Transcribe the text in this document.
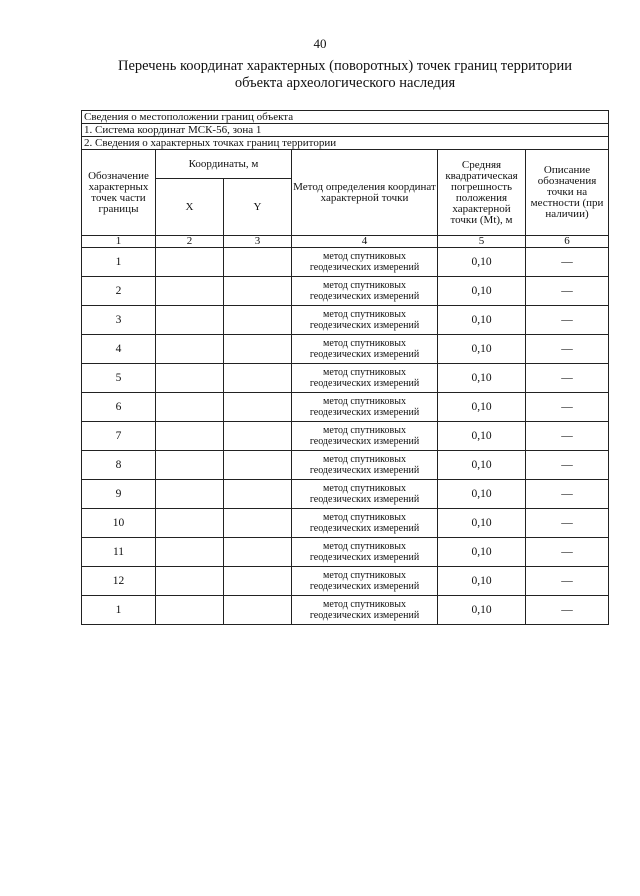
40
Перечень координат характерных (поворотных) точек границ территории
объекта археологического наследия
Сведения о местоположении границ объекта					
1. Система координат МСК-56, зона 1					
2. Сведения о характерных точках границ территории					
Обозначение характерных точек части границы	Координаты, м		Метод определения координат характерной точки	Средняя квадратическая погрешность положения характерной точки (Mt), м	Описание обозначения точки на местности (при наличии)
	X	Y			
1	2	3	4	5	6
1			метод спутниковых геодезических измерений	0,10	—
2			метод спутниковых геодезических измерений	0,10	—
3			метод спутниковых геодезических измерений	0,10	—
4			метод спутниковых геодезических измерений	0,10	—
5			метод спутниковых геодезических измерений	0,10	—
6			метод спутниковых геодезических измерений	0,10	—
7			метод спутниковых геодезических измерений	0,10	—
8			метод спутниковых геодезических измерений	0,10	—
9			метод спутниковых геодезических измерений	0,10	—
10			метод спутниковых геодезических измерений	0,10	—
11			метод спутниковых геодезических измерений	0,10	—
12			метод спутниковых геодезических измерений	0,10	—
1			метод спутниковых геодезических измерений	0,10	—
